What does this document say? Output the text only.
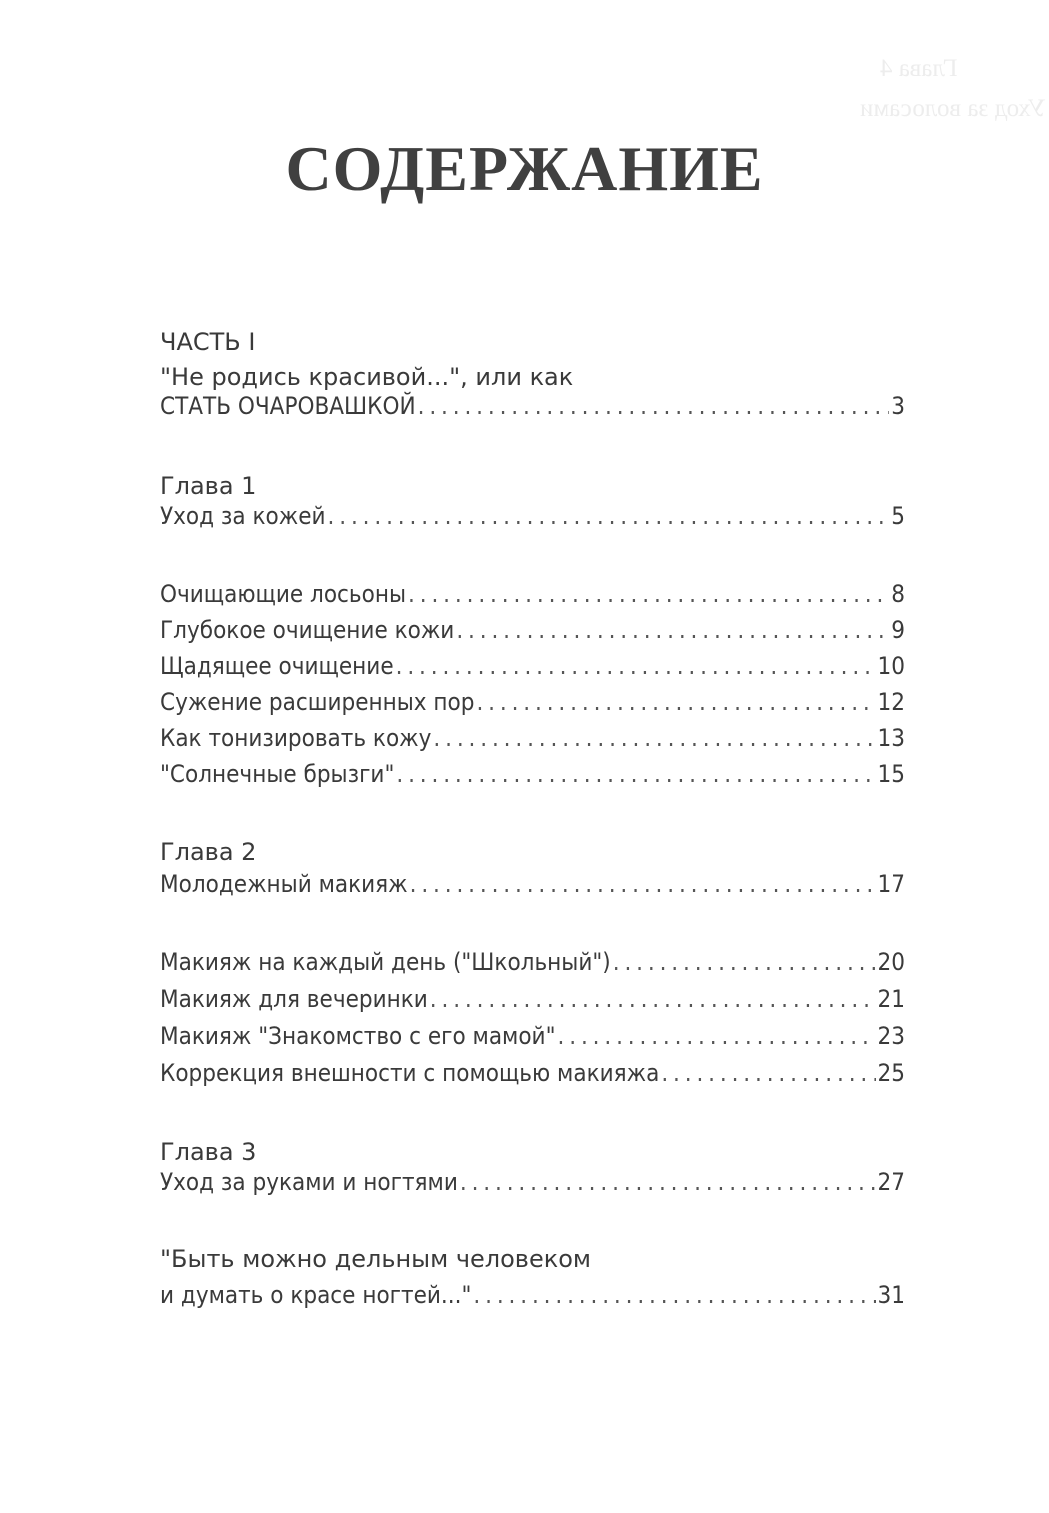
Глава 4
Уход за волосами
СОДЕРЖАНИЕ
ЧАСТЬ I
"Не родись красивой...", или как
СТАТЬ ОЧАРОВАШКОЙ . . .	3
Глава 1
Уход за кожей . . .	5
Очищающие лосьоны . . .	8
Глубокое очищение кожи . . .	9
Щадящее очищение . . .	10
Сужение расширенных пор . . .	12
Как тонизировать кожу . . .	13
"Солнечные брызги" . . .	15
Глава 2
Молодежный макияж . . .	17
Макияж на каждый день ("Школьный") . . .	20
Макияж для вечеринки . . .	21
Макияж "Знакомство с его мамой" . . .	23
Коррекция внешности с помощью макияжа . . .	25
Глава 3
Уход за руками и ногтями . . .	27
"Быть можно дельным человеком
и думать о красе ногтей..." . . .	31
